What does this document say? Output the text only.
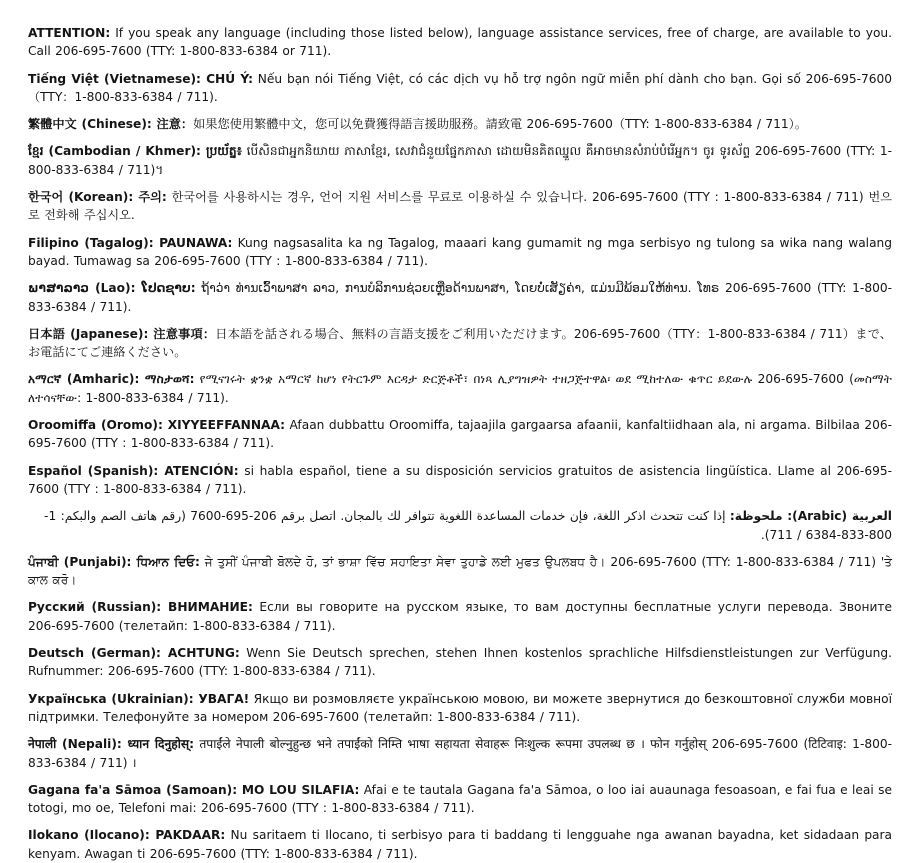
ATTENTION: If you speak any language (including those listed below), language assistance services, free of charge, are available to you. Call 206-695-7600 (TTY: 1-800-833-6384 or 711).

Tiếng Việt (Vietnamese): CHÚ Ý: Nếu bạn nói Tiếng Việt, có các dịch vụ hỗ trợ ngôn ngữ miễn phí dành cho bạn. Gọi số 206-695-7600（TTY：1-800-833-6384 / 711).

繁體中文 (Chinese): 注意：如果您使用繁體中文，您可以免費獲得語言援助服務。請致電 206-695-7600（TTY: 1-800-833-6384 / 711）。

ខ្មែរ (Cambodian / Khmer): ប្រយ័ត្ន៖ បើសិនជាអ្នកនិយាយ ភាសាខ្មែរ, សេវាជំនួយផ្នែកភាសា ដោយមិនគិតឈ្នួល គឺអាចមានសំរាប់បំរើអ្នក។ ចូរ ទូរស័ព្ទ 206-695-7600 (TTY: 1-800-833-6384 / 711)។

한국어 (Korean): 주의: 한국어를 사용하시는 경우, 언어 지원 서비스를 무료로 이용하실 수 있습니다. 206-695-7600 (TTY : 1-800-833-6384 / 711) 번으로 전화해 주십시오.

Filipino (Tagalog): PAUNAWA: Kung nagsasalita ka ng Tagalog, maaari kang gumamit ng mga serbisyo ng tulong sa wika nang walang bayad. Tumawag sa 206-695-7600 (TTY : 1-800-833-6384 / 711).

ພາສາລາວ (Lao): ໂປດຊາບ: ຖ້າວ່າ ທ່ານເວົ້າພາສາ ລາວ, ການບໍລິການຊ່ວຍເຫຼືອດ້ານພາສາ, ໂດຍບໍ່ເສັຽຄ່າ, ແມ່ນມີພ້ອມໃຫ້ທ່ານ. ໂທຣ 206-695-7600 (TTY: 1-800-833-6384 / 711).

日本語 (Japanese): 注意事項：日本語を話される場合、無料の言語支援をご利用いただけます。206-695-7600（TTY：1-800-833-6384 / 711）まで、お電話にてご連絡ください。

አማርኛ (Amharic): ማስታወሻ: የሚናገሩት ቋንቋ አማርኛ ከሆነ የትርጉም እርዳታ ድርጅቶች፣ በነጻ ሊያግዝዎት ተዘጋጅተዋል፡ ወደ ሚከተለው ቁጥር ይደውሉ 206-695-7600 (መስማት ለተሳናቸው: 1-800-833-6384 / 711).

Oroomiffa (Oromo): XIYYEEFFANNAA: Afaan dubbattu Oroomiffa, tajaajila gargaarsa afaanii, kanfaltiidhaan ala, ni argama. Bilbilaa 206-695-7600 (TTY : 1-800-833-6384 / 711).

Español (Spanish): ATENCIÓN: si habla español, tiene a su disposición servicios gratuitos de asistencia lingüística. Llame al 206-695-7600 (TTY : 1-800-833-6384 / 711).

العربية (Arabic): ملحوظة: إذا كنت تتحدث اذكر اللغة، فإن خدمات المساعدة اللغوية تتوافر لك بالمجان. اتصل برقم 206-695-7600 (رقم هاتف الصم والبكم: 1-800-833-6384 / 711).

ਪੰਜਾਬੀ (Punjabi): ਧਿਆਨ ਦਿਓ: ਜੇ ਤੁਸੀਂ ਪੰਜਾਬੀ ਬੋਲਦੇ ਹੋ, ਤਾਂ ਭਾਸ਼ਾ ਵਿੱਚ ਸਹਾਇਤਾ ਸੇਵਾ ਤੁਹਾਡੇ ਲਈ ਮੁਫਤ ਉਪਲਬਧ ਹੈ। 206-695-7600 (TTY: 1-800-833-6384 / 711) 'ਤੇ ਕਾਲ ਕਰੋ।

Русский (Russian): ВНИМАНИЕ: Если вы говорите на русском языке, то вам доступны бесплатные услуги перевода. Звоните 206-695-7600 (телетайп: 1-800-833-6384 / 711).

Deutsch (German): ACHTUNG: Wenn Sie Deutsch sprechen, stehen Ihnen kostenlos sprachliche Hilfsdienstleistungen zur Verfügung. Rufnummer: 206-695-7600 (TTY: 1-800-833-6384 / 711).

Українська (Ukrainian): УВАГА! Якщо ви розмовляєте українською мовою, ви можете звернутися до безкоштовної служби мовної підтримки. Телефонуйте за номером 206-695-7600 (телетайп: 1-800-833-6384 / 711).

नेपाली (Nepali): ध्यान दिनुहोस्: तपाईंले नेपाली बोल्नुहुन्छ भने तपाईंको निम्ति भाषा सहायता सेवाहरू निःशुल्क रूपमा उपलब्ध छ । फोन गर्नुहोस् 206-695-7600 (टिटिवाइ: 1-800-833-6384 / 711) ।

Gagana fa'a Sāmoa (Samoan): MO LOU SILAFIA: Afai e te tautala Gagana fa'a Sāmoa, o loo iai auaunaga fesoasoan, e fai fua e leai se totogi, mo oe, Telefoni mai: 206-695-7600 (TTY : 1-800-833-6384 / 711).

Ilokano (Ilocano): PAKDAAR: Nu saritaem ti Ilocano, ti serbisyo para ti baddang ti lengguahe nga awanan bayadna, ket sidadaan para kenyam. Awagan ti 206-695-7600 (TTY: 1-800-833-6384 / 711).
